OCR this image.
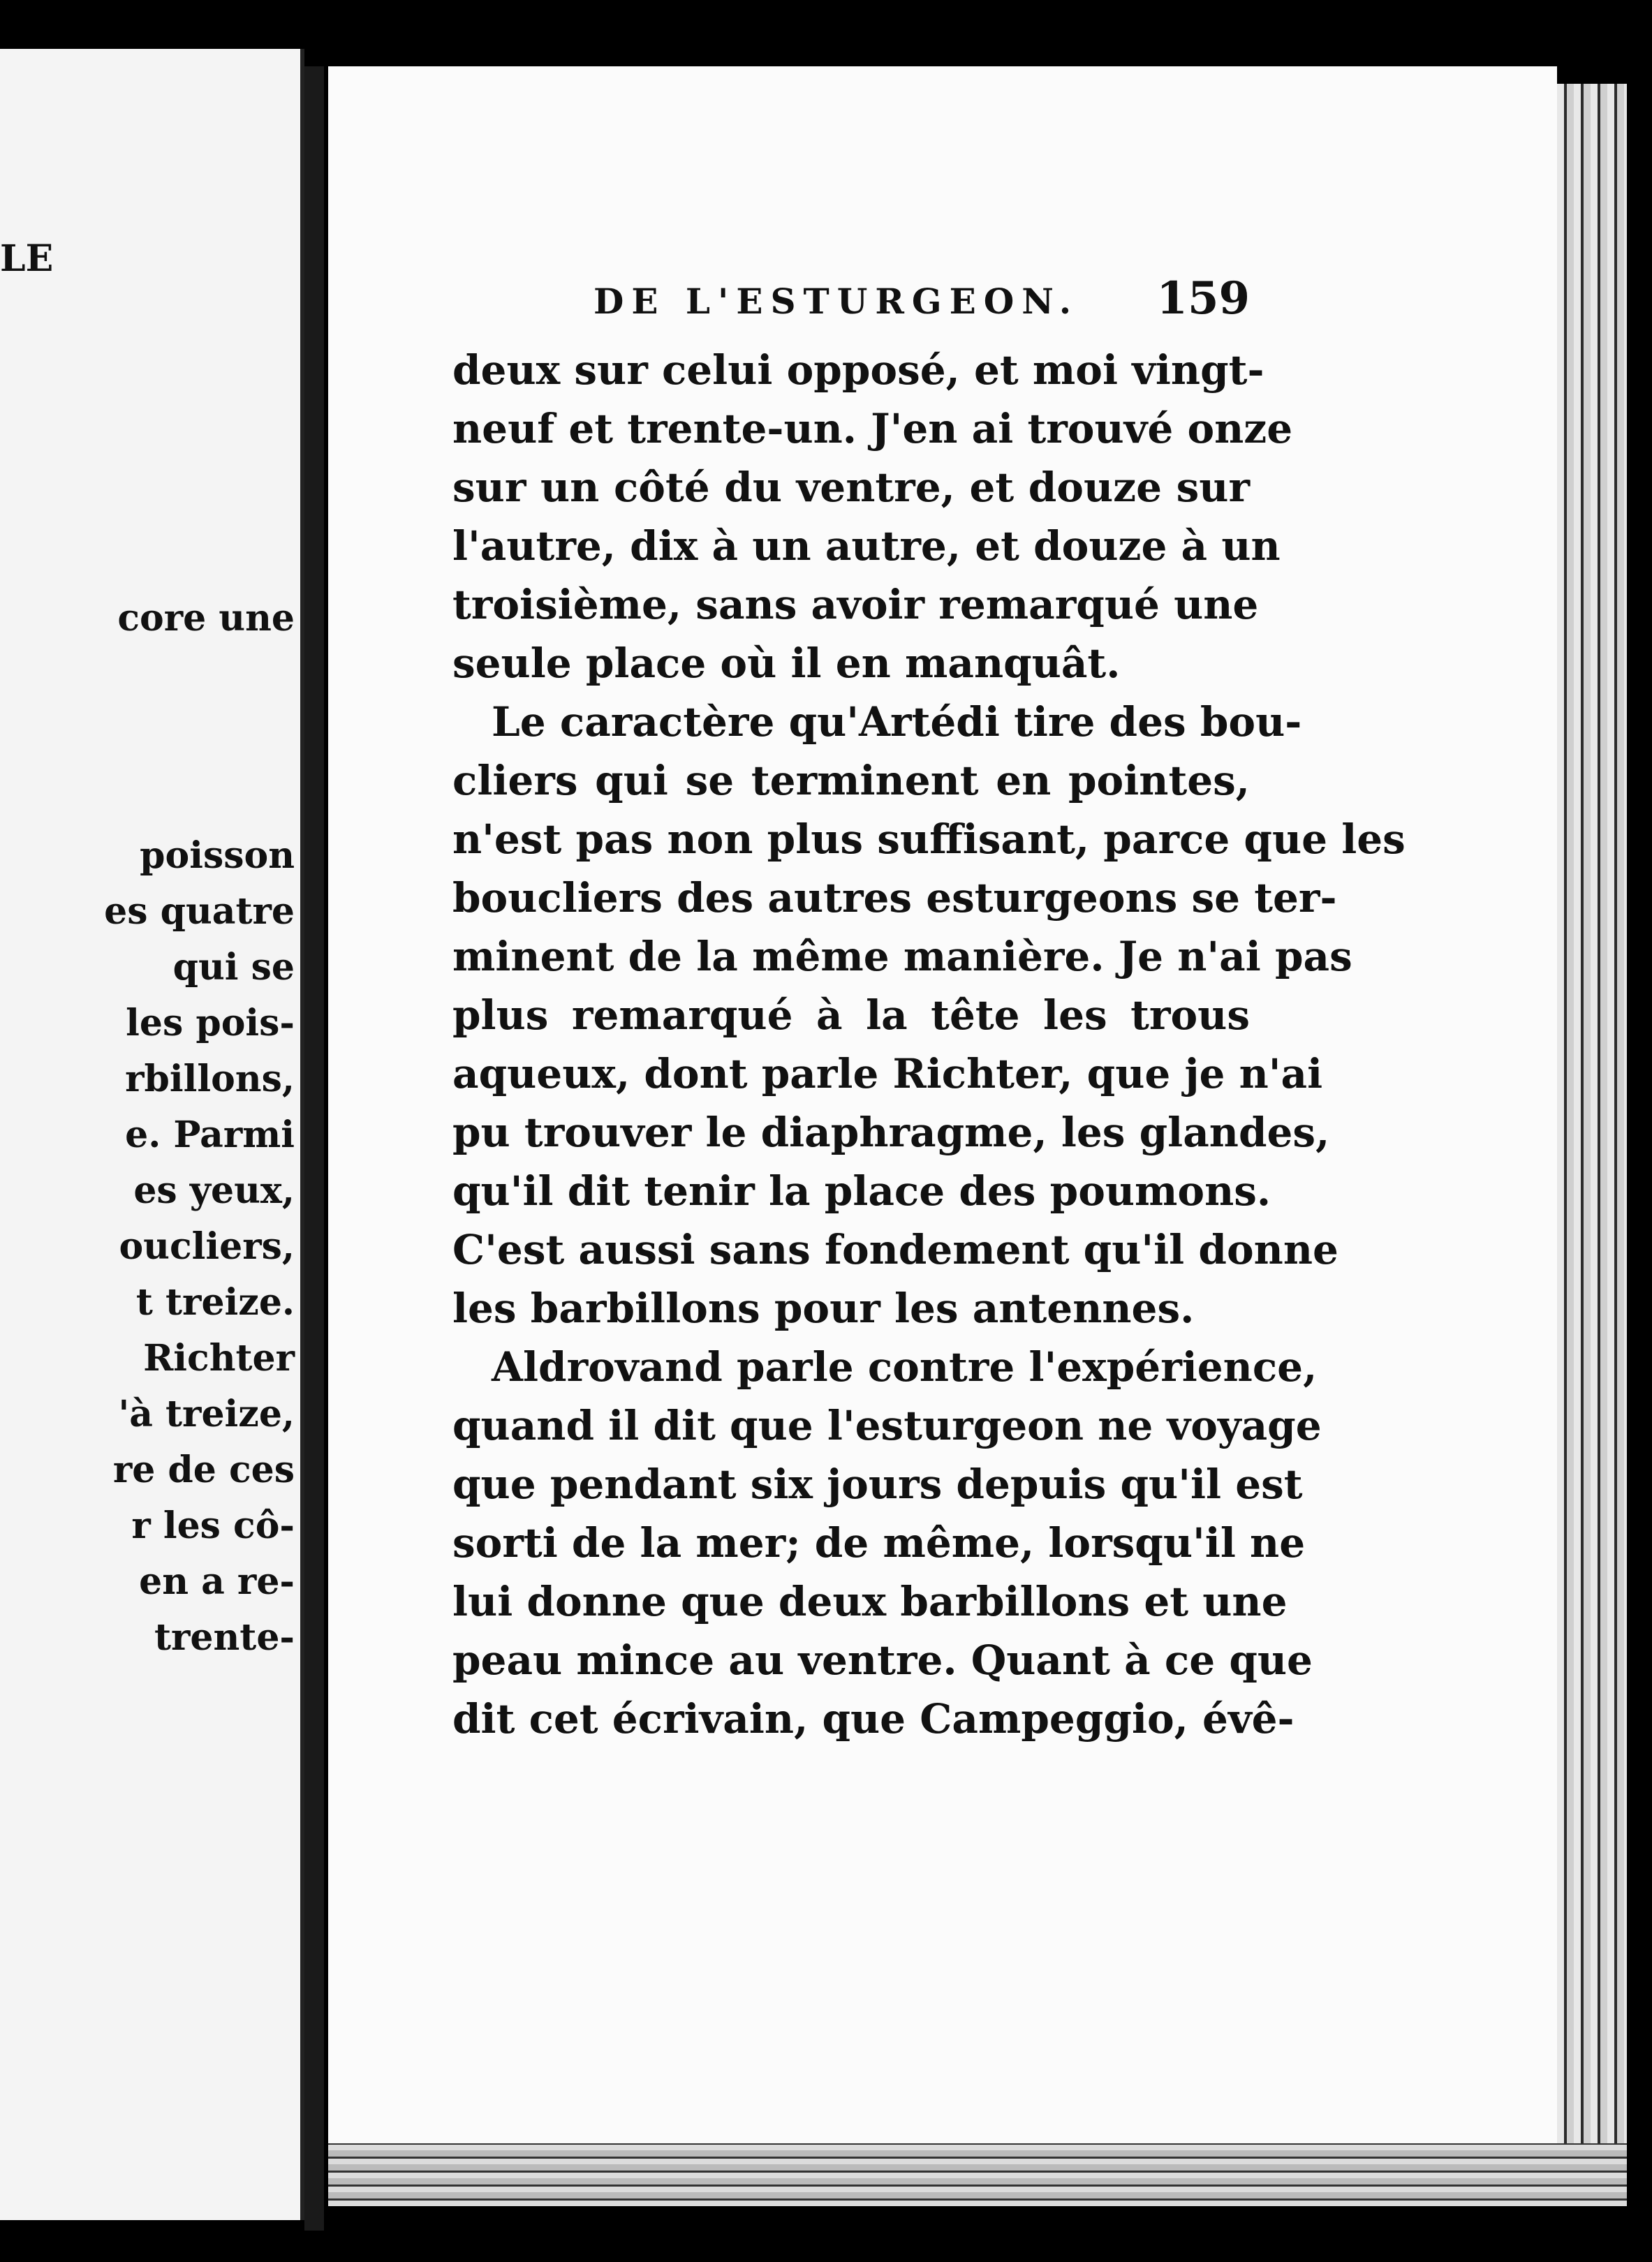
LE
core une
poisson
es quatre
qui se
les pois-
rbillons,
e. Parmi
es yeux,
oucliers,
t treize.
Richter
'à treize,
re de ces
r les cô-
en a re-
trente-
DE L'ESTURGEON. 159
deux sur celui opposé, et moi vingt-
neuf et trente-un. J'en ai trouvé onze
sur un côté du ventre, et douze sur
l'autre, dix à un autre, et douze à un
troisième, sans avoir remarqué une
seule place où il en manquât.
Le caractère qu'Artédi tire des bou-
cliers qui se terminent en pointes,
n'est pas non plus suffisant, parce que les
boucliers des autres esturgeons se ter-
minent de la même manière. Je n'ai pas
plus remarqué à la tête les trous
aqueux, dont parle Richter, que je n'ai
pu trouver le diaphragme, les glandes,
qu'il dit tenir la place des poumons.
C'est aussi sans fondement qu'il donne
les barbillons pour les antennes.
Aldrovand parle contre l'expérience,
quand il dit que l'esturgeon ne voyage
que pendant six jours depuis qu'il est
sorti de la mer; de même, lorsqu'il ne
lui donne que deux barbillons et une
peau mince au ventre. Quant à ce que
dit cet écrivain, que Campeggio, évê-
